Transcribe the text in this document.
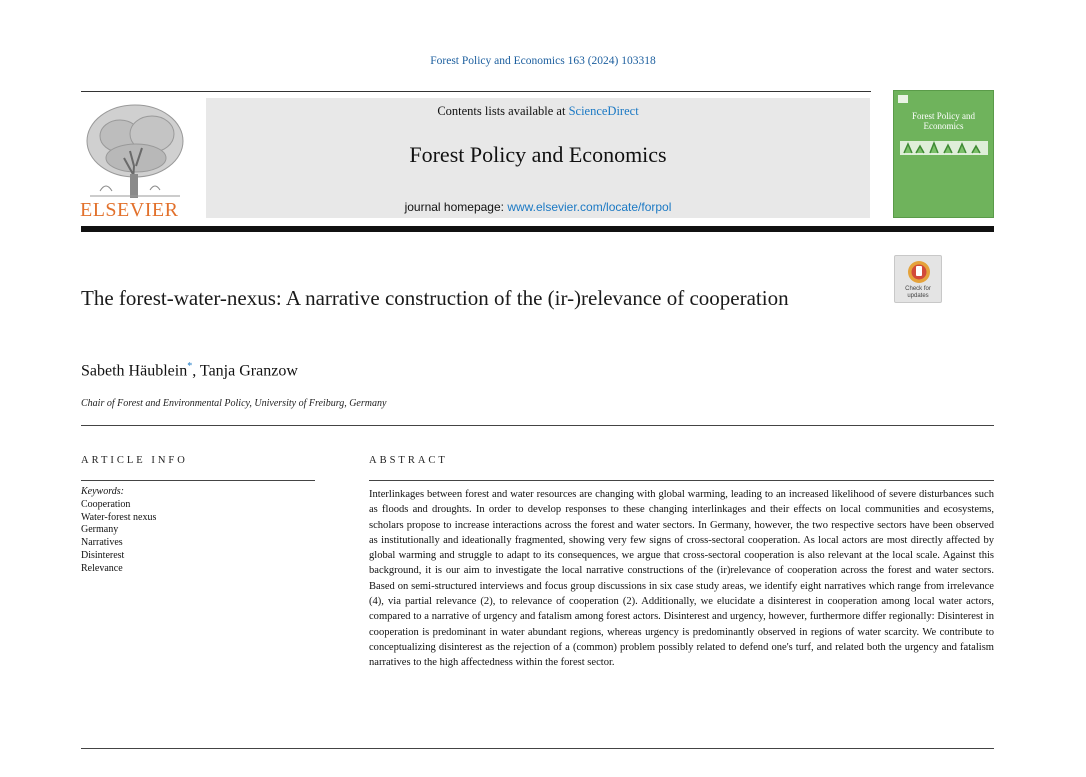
Forest Policy and Economics 163 (2024) 103318
ELSEVIER
Contents lists available at ScienceDirect
Forest Policy and Economics
journal homepage: www.elsevier.com/locate/forpol
Forest Policy and Economics
Check for updates
The forest-water-nexus: A narrative construction of the (ir-)relevance of cooperation
Sabeth Häublein*, Tanja Granzow
Chair of Forest and Environmental Policy, University of Freiburg, Germany
ARTICLE INFO	ABSTRACT
Keywords:
Cooperation
Water-forest nexus
Germany
Narratives
Disinterest
Relevance
Interlinkages between forest and water resources are changing with global warming, leading to an increased likelihood of severe disturbances such as floods and droughts. In order to develop responses to these changing interlinkages and their effects on local communities and ecosystems, scholars propose to increase interactions across the forest and water sectors. In Germany, however, the two respective sectors have been observed as institutionally and ideationally fragmented, showing very few signs of cross-sectoral cooperation. As local actors are most directly affected by global warming and struggle to adapt to its consequences, we argue that cross-sectoral cooperation is also relevant at the local scale. Against this background, it is our aim to investigate the local narrative constructions of the (ir)relevance of cooperation across the forest and water sectors. Based on semi-structured interviews and focus group discussions in six case study areas, we identify eight narratives which range from irrelevance (4), via partial relevance (2), to relevance of cooperation (2). Additionally, we elucidate a disinterest in cooperation among local water actors, compared to a narrative of urgency and fatalism among forest actors. Disinterest and urgency, however, furthermore differ regionally: Disinterest in cooperation is predominant in water abundant regions, whereas urgency is predominantly observed in regions of water scarcity. We contribute to conceptualizing disinterest as the rejection of a (common) problem possibly related to defend one's turf, and related both the urgency and fatalism narratives to the high affectedness within the forest sector.
